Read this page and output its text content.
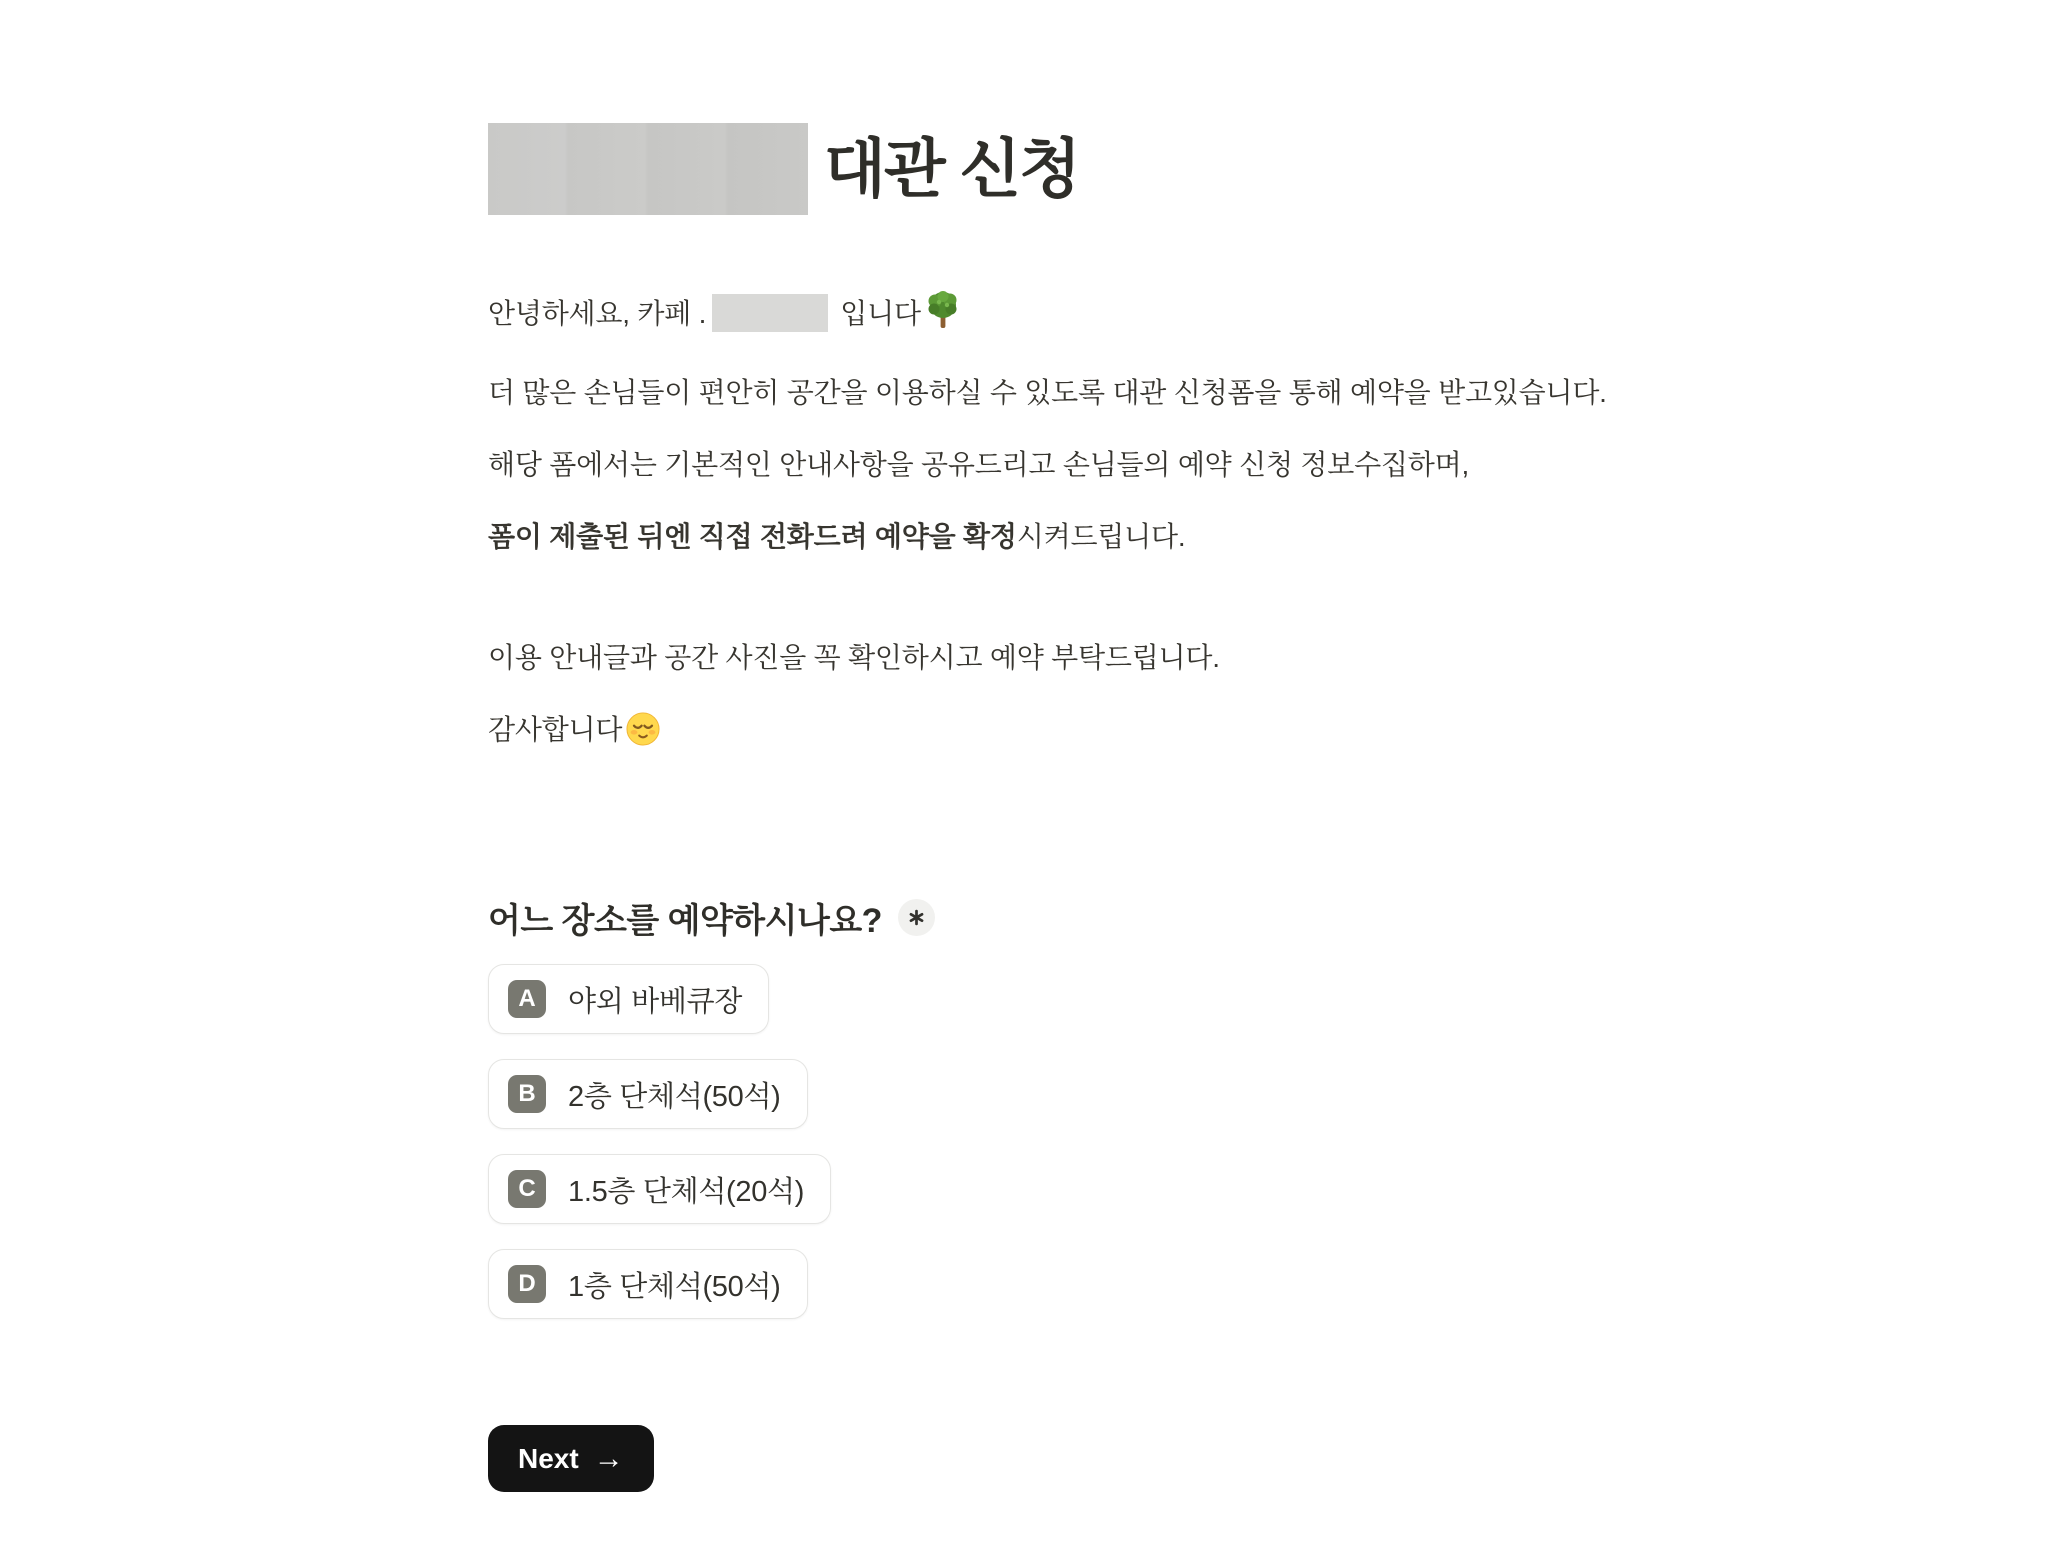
대관 신청

안녕하세요, 카페 .	입니다

더 많은 손님들이 편안히 공간을 이용하실 수 있도록 대관 신청폼을 통해 예약을 받고있습니다.

해당 폼에서는 기본적인 안내사항을 공유드리고 손님들의 예약 신청 정보수집하며,

폼이 제출된 뒤엔 직접 전화드려 예약을 확정시켜드립니다.

이용 안내글과 공간 사진을 꼭 확인하시고 예약 부탁드립니다.

감사합니다

어느 장소를 예약하시나요?
A	야외 바베큐장
B	2층 단체석(50석)
C	1.5층 단체석(20석)
D	1층 단체석(50석)
Next →
